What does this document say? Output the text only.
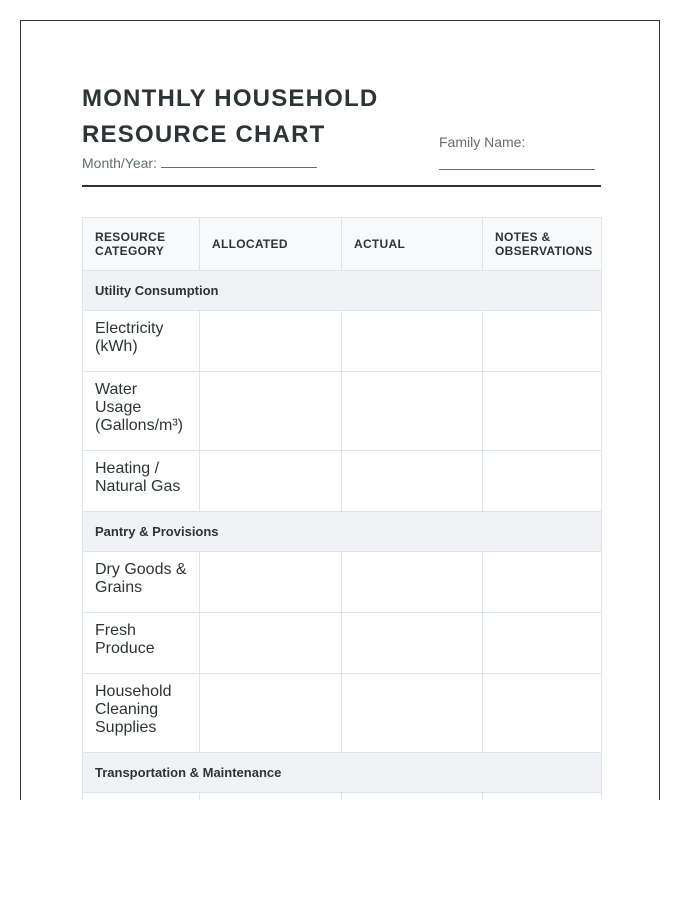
MONTHLY HOUSEHOLD
RESOURCE CHART
Month/Year:
Family Name:
RESOURCE
CATEGORY	ALLOCATED	ACTUAL	NOTES &
OBSERVATIONS
Utility Consumption			
Electricity (kWh)			
Water Usage (Gallons/m³)			
Heating / Natural Gas			
Pantry & Provisions			
Dry Goods & Grains			
Fresh Produce			
Household Cleaning Supplies			
Transportation & Maintenance			
